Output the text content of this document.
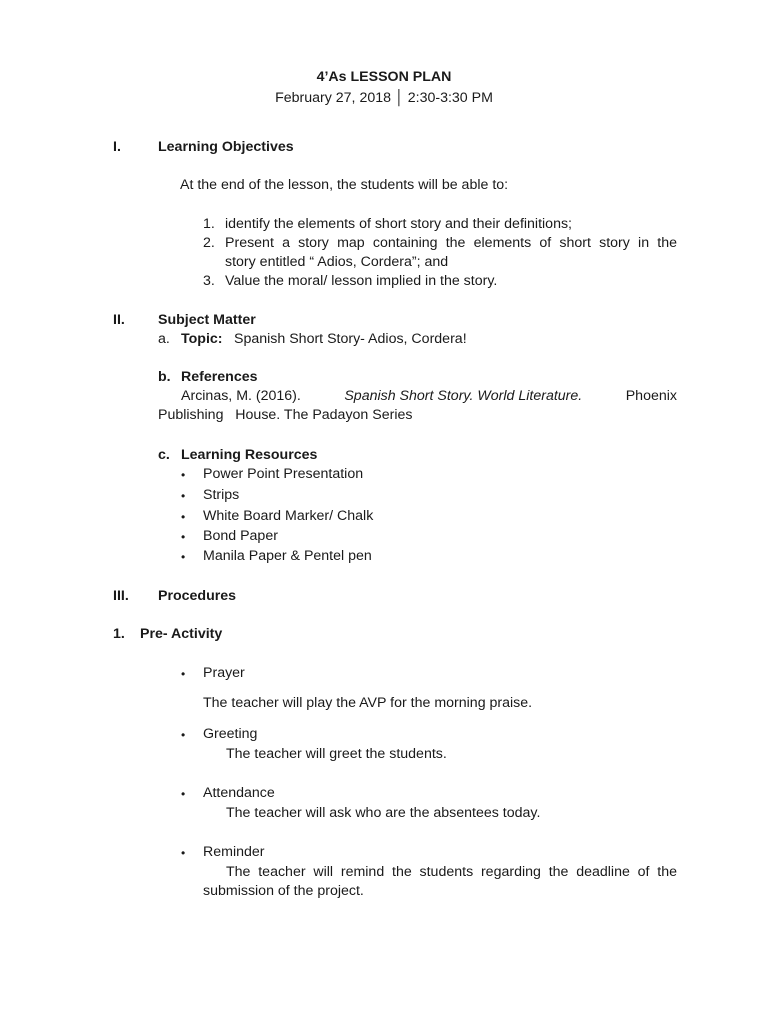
4’As LESSON PLAN
February 27, 2018 │ 2:30-3:30 PM
I.	Learning Objectives
At the end of the lesson, the students will be able to:
1. identify the elements of short story and their definitions;
2. Present a story map containing the elements of short story in the
story entitled “ Adios, Cordera”; and
3. Value the moral/ lesson implied in the story.
II. Subject Matter
a. Topic: Spanish Short Story- Adios, Cordera!
b. References
Arcinas, M. (2016).	Spanish Short Story. World Literature.	Phoenix
Publishing   House. The Padayon Series
c. Learning Resources
• Power Point Presentation
• Strips
• White Board Marker/ Chalk
• Bond Paper
• Manila Paper & Pentel pen
III. Procedures
1. Pre- Activity
• Prayer
The teacher will play the AVP for the morning praise.
• Greeting
The teacher will greet the students.
• Attendance
The teacher will ask who are the absentees today.
• Reminder
The teacher will remind the students regarding the deadline of the
submission of the project.
